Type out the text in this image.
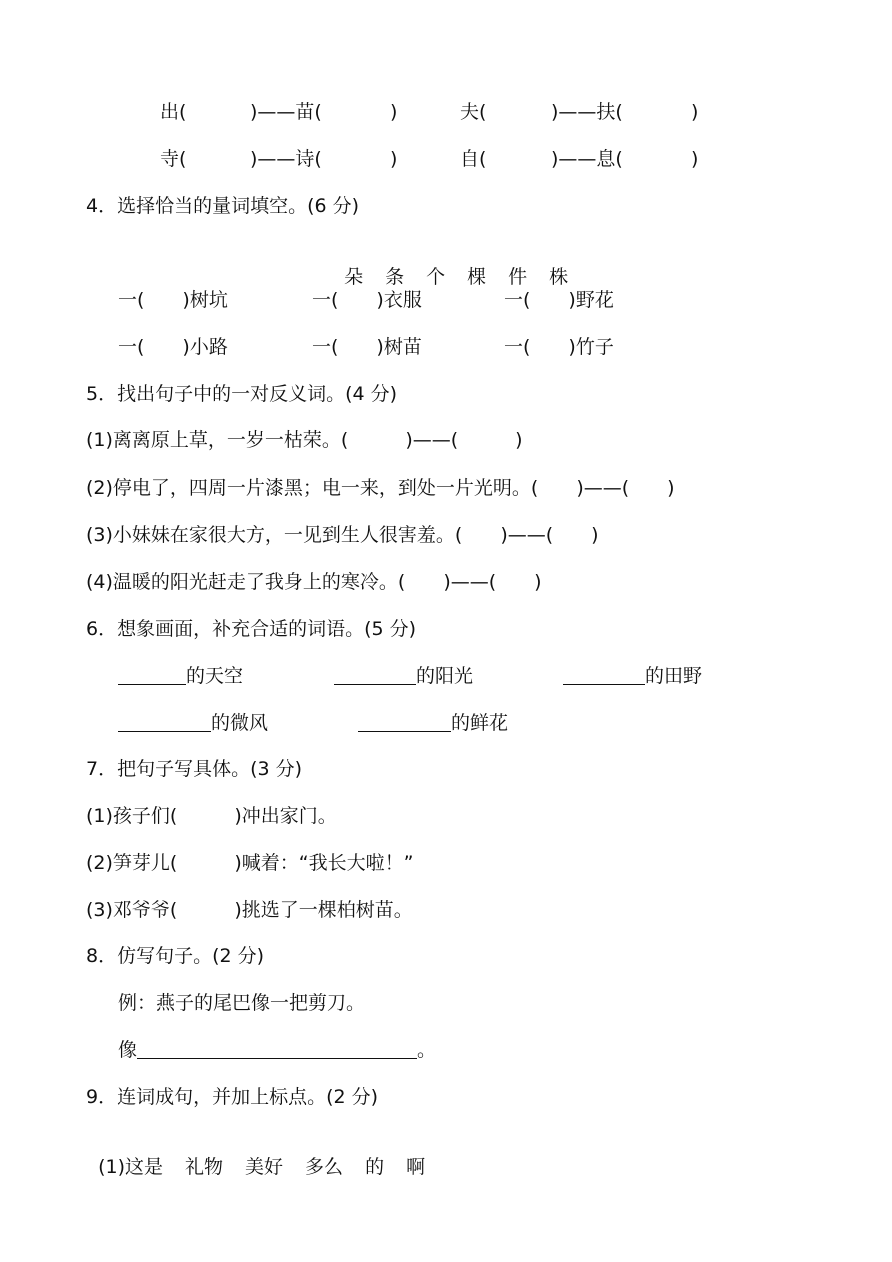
出(	)——苗(	)	夫(	)——扶(	)
寺(	)——诗(	)	自(	)——息(	)
4．选择恰当的量词填空。(6 分)

朵 条 个 棵 件 株

一(　　)树坑	一(　　)衣服	一(　　)野花
一(　　)小路	一(　　)树苗	一(　　)竹子
5．找出句子中的一对反义词。(4 分)
(1)离离原上草，一岁一枯荣。(　　　)——(　　　)
(2)停电了，四周一片漆黑；电一来，到处一片光明。(　　)——(　　)
(3)小妹妹在家很大方，一见到生人很害羞。(　　)——(　　)
(4)温暖的阳光赶走了我身上的寒冷。(　　)——(　　)
6．想象画面，补充合适的词语。(5 分)
的天空	的阳光	的田野
的微风	的鲜花
7．把句子写具体。(3 分)
(1)孩子们(　　　)冲出家门。
(2)笋芽儿(　　　)喊着：“我长大啦！”
(3)邓爷爷(　　　)挑选了一棵柏树苗。
8．仿写句子。(2 分)
例：燕子的尾巴像一把剪刀。
像	。
9．连词成句，并加上标点。(2 分)

(1)这是 礼物 美好 多么 的 啊
